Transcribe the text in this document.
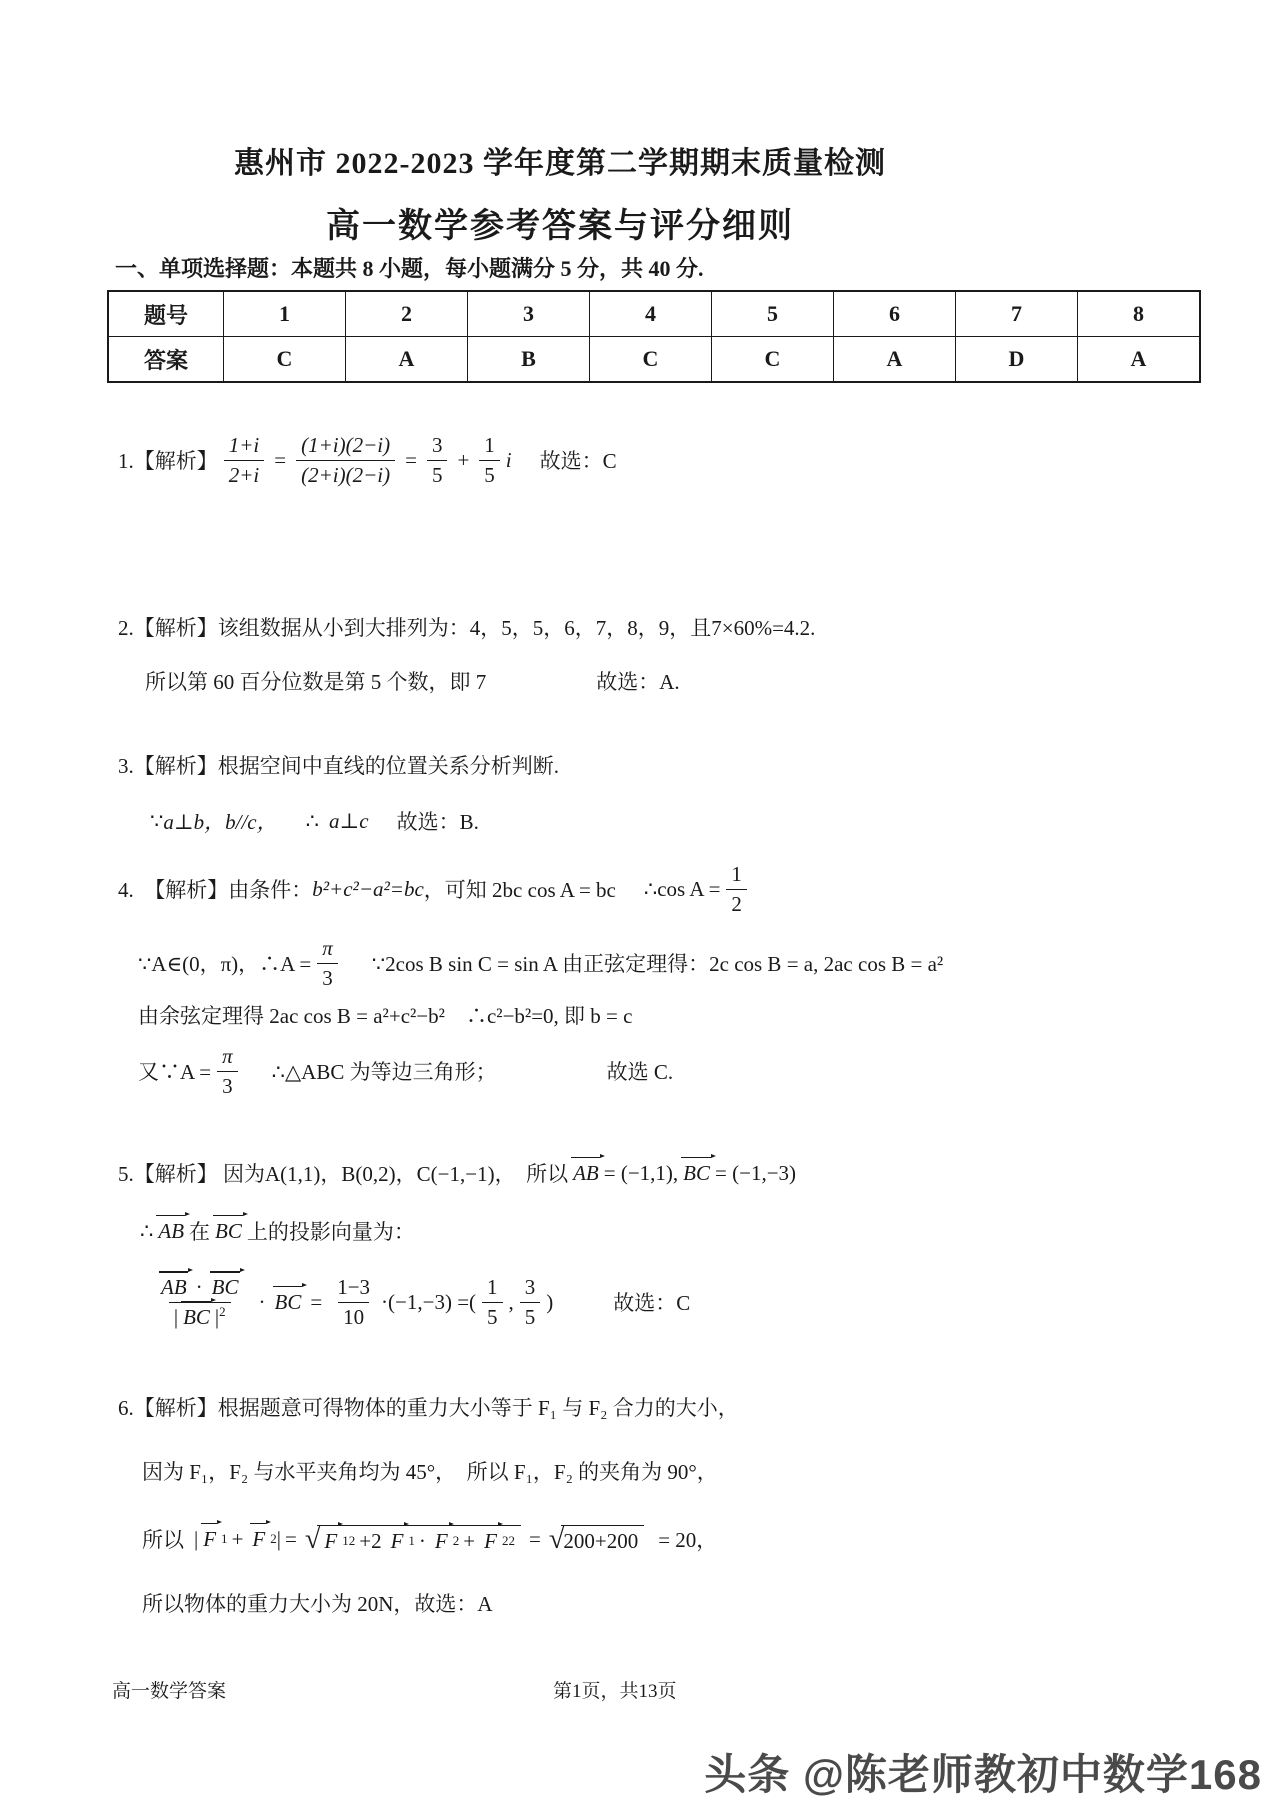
惠州市 2022-2023 学年度第二学期期末质量检测
高一数学参考答案与评分细则
一、单项选择题：本题共 8 小题，每小题满分 5 分，共 40 分.
题号	1	2	3	4	5	6	7	8
答案	C	A	B	C	C	A	D	A
1.【解析】 $\frac{1+i}{2+i} = \frac{(1+i)(2-i)}{(2+i)(2-i)} = \frac{3}{5} + \frac{1}{5}$ i 故选：C
2.【解析】该组数据从小到大排列为：4，5，5，6，7，8，9，且7×60%=4.2.
所以第 60 百分位数是第 5 个数，即 7	故选：A.
3.【解析】根据空间中直线的位置关系分析判断.
∵ a⊥b，b//c， ∴ a⊥c 故选：B.
4.　【解析】由条件： b²+c²−a²=bc ，可知 2bc cos A = bc ∴cos $A = \frac{1}{2}$
∵A∈(0，π)，∴A = $\frac{\pi}{3}$ ∵2cos B sin C = sin A 由正弦定理得：2c cos B = a, 2ac cos B = a²
由余弦定理得 2ac cos B = a²+c²−b²　∴c²−b²=0, 即 b = c
又∵A = $\frac{\pi}{3}$ ∴△ABC 为等边三角形；	故选 C.
5.【解析】 因为A(1,1)，B(0,2)，C(−1,−1)，　所以 AB = (−1,1), BC = (−1,−3)
∴ AB 在 BC 上的投影向量为：
$\frac{AB \cdot BC}{| BC |^2}$ · BC = $\frac{1-3}{10} \cdot(-1,-3)$ =( $\frac{1}{5}$ , $\frac{3}{5}$ )	故选：C
6.【解析】根据题意可得物体的重力大小等于 F₁ 与 F₂ 合力的大小，
因为 F₁，F₂ 与水平夹角均为 45°，　所以 F₁，F₂ 的夹角为 90°，
所以 | F 1 + F 2 | = √ F 1 2 +2 F 1 · F 2 + F 2 2 = √ 200+200 = 20，
所以物体的重力大小为 20N，故选：A
高一数学答案	第1页，共13页
头条 @陈老师教初中数学168
